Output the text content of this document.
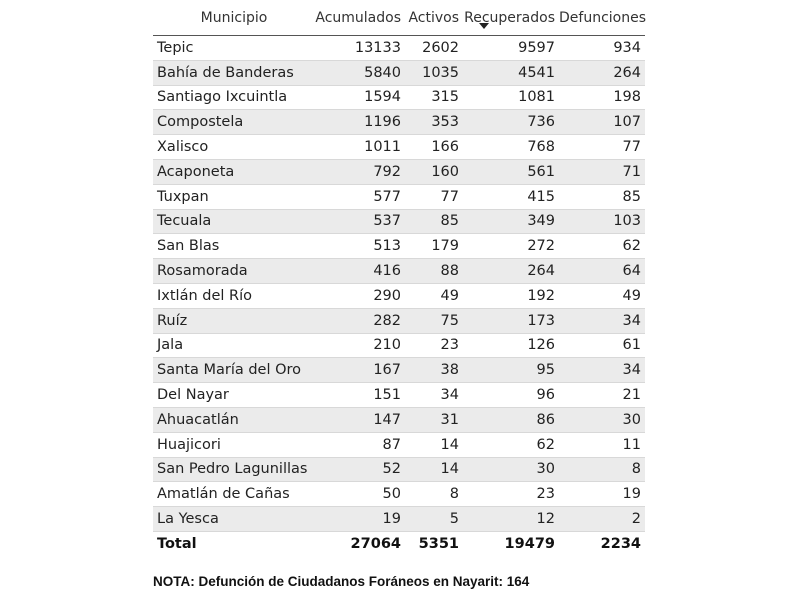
Municipio	Acumulados	Activos	Recuperados	Defunciones
Tepic	13133	2602	9597	934
Bahía de Banderas	5840	1035	4541	264
Santiago Ixcuintla	1594	315	1081	198
Compostela	1196	353	736	107
Xalisco	1011	166	768	77
Acaponeta	792	160	561	71
Tuxpan	577	77	415	85
Tecuala	537	85	349	103
San Blas	513	179	272	62
Rosamorada	416	88	264	64
Ixtlán del Río	290	49	192	49
Ruíz	282	75	173	34
Jala	210	23	126	61
Santa María del Oro	167	38	95	34
Del Nayar	151	34	96	21
Ahuacatlán	147	31	86	30
Huajicori	87	14	62	11
San Pedro Lagunillas	52	14	30	8
Amatlán de Cañas	50	8	23	19
La Yesca	19	5	12	2
Total	27064	5351	19479	2234
NOTA: Defunción de Ciudadanos Foráneos en Nayarit: 164
